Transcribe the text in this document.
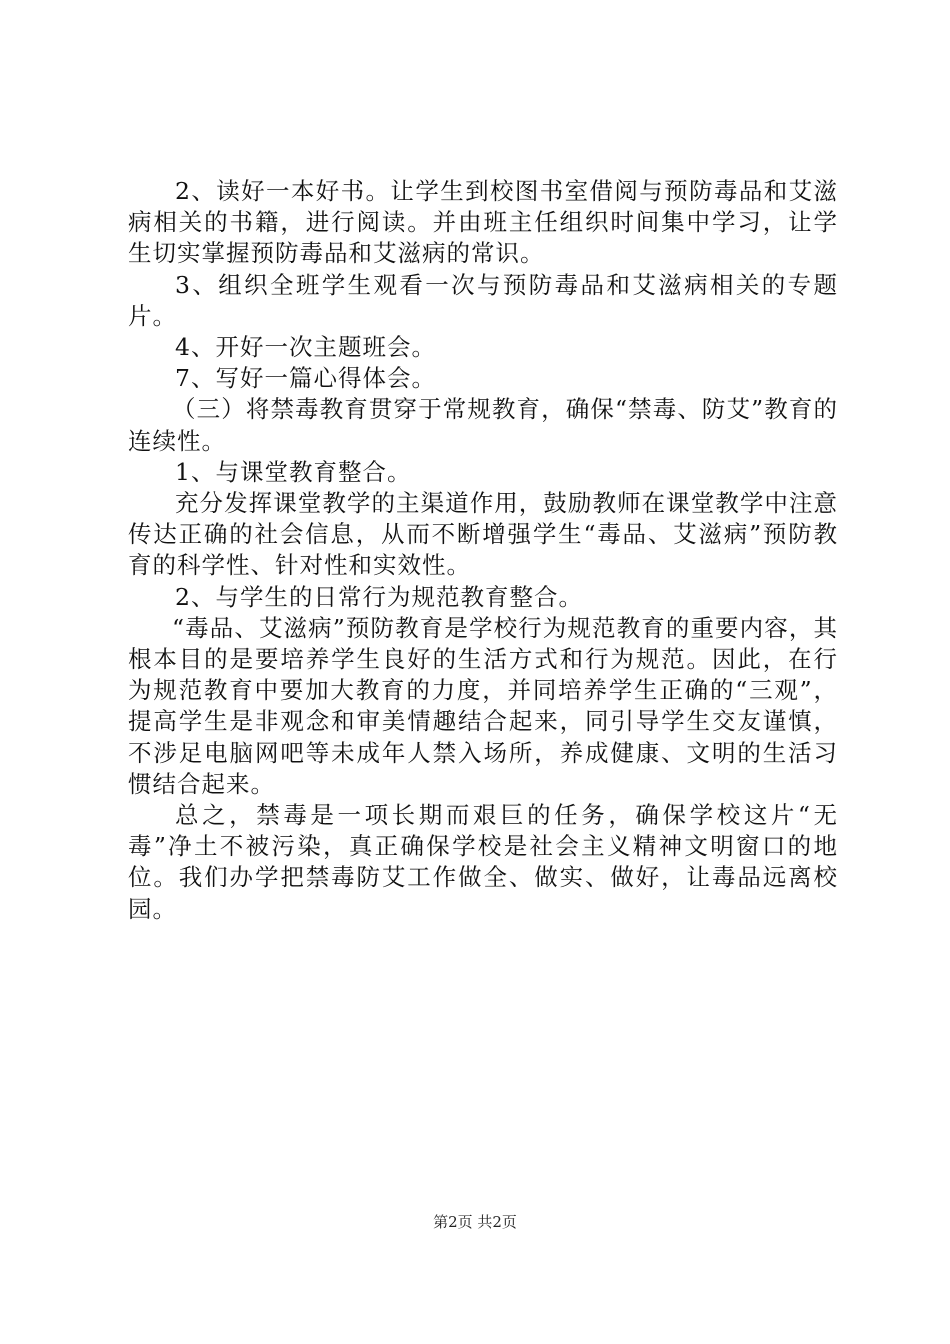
2、读好一本好书。让学生到校图书室借阅与预防毒品和艾滋病相关的书籍，进行阅读。并由班主任组织时间集中学习，让学生切实掌握预防毒品和艾滋病的常识。

3、组织全班学生观看一次与预防毒品和艾滋病相关的专题片。

4、开好一次主题班会。

7、写好一篇心得体会。

（三）将禁毒教育贯穿于常规教育，确保“禁毒、防艾”教育的连续性。

1、与课堂教育整合。

充分发挥课堂教学的主渠道作用，鼓励教师在课堂教学中注意传达正确的社会信息，从而不断增强学生“毒品、艾滋病”预防教育的科学性、针对性和实效性。

2、与学生的日常行为规范教育整合。

“毒品、艾滋病”预防教育是学校行为规范教育的重要内容，其根本目的是要培养学生良好的生活方式和行为规范。因此，在行为规范教育中要加大教育的力度，并同培养学生正确的“三观”，提高学生是非观念和审美情趣结合起来，同引导学生交友谨慎，不涉足电脑网吧等未成年人禁入场所，养成健康、文明的生活习惯结合起来。

总之，禁毒是一项长期而艰巨的任务，确保学校这片“无毒”净土不被污染，真正确保学校是社会主义精神文明窗口的地位。我们办学把禁毒防艾工作做全、做实、做好，让毒品远离校园。

第2页 共2页
